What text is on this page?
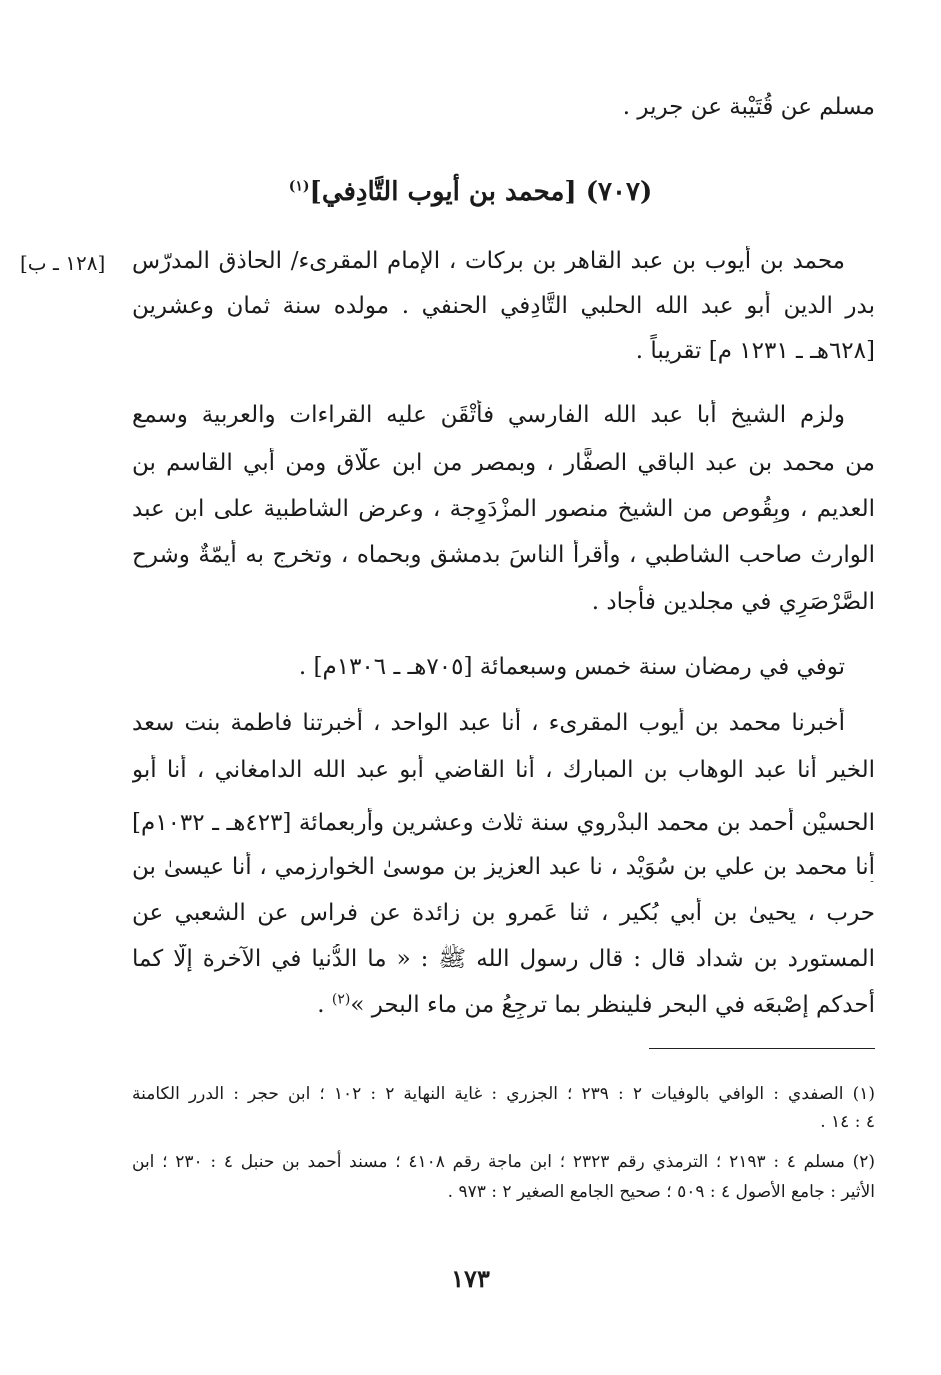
مسلم عن قُتَيْبة عن جرير .
(٧٠٧) [محمد بن أيوب التَّادِفي]$^{(١)}$
[١٢٨ ـ ب] محمد بن أيوب بن عبد القاهر بن بركات ، الإمام المقرىء/ الحاذق المدرّس
بدر الدين أبو عبد الله الحلبي التَّادِفي الحنفي . مولده سنة ثمان وعشرين
[٦٢٨هـ ـ ١٢٣١ م] تقريباً .
ولزم الشيخ أبا عبد الله الفارسي فأتْقَن عليه القراءات والعربية وسمع
من محمد بن عبد الباقي الصفَّار ، وبمصر من ابن علَّاق ومن أبي القاسم بن
العديم ، وبِقُوص من الشيخ منصور المزْدَوِجة ، وعرض الشاطبية على ابن عبد
الوارث صاحب الشاطبي ، وأقرأ الناسَ بدمشق وبحماه ، وتخرج به أيمّةٌ وشرح
الصَّرْصَرِي في مجلدين فأجاد .
توفي في رمضان سنة خمس وسبعمائة [٧٠٥هـ ـ ١٣٠٦م] .
أخبرنا محمد بن أيوب المقرىء ، أنا عبد الواحد ، أخبرتنا فاطمة بنت سعد
الخير أنا عبد الوهاب بن المبارك ، أنا القاضي أبو عبد الله الدامغاني ، أنا أبو
الحسيْن أحمد بن محمد البدْروي سنة ثلاث وعشرين وأربعمائة [٤٢٣هـ ـ ١٠٣٢م]
أنا محمد بن علي بن سُوَيْد ، نا عبد العزيز بن موسىٰ الخوارزمي ، أنا عيسىٰ بن
حرب ، يحيىٰ بن أبي بُكير ، ثنا عَمرو بن زائدة عن فراس عن الشعبي عن
المستورد بن شداد قال : قال رسول الله ﷺ : « ما الدُّنيا في الآخرة إلَّا كما
أحدكم إصْبعَه في البحر فلينظر بما ترجِعُ من ماء البحر »$^{(٢)}$ .
(١) الصفدي : الوافي بالوفيات ٢ : ٢٣٩ ؛ الجزري : غاية النهاية ٢ : ١٠٢ ؛ ابن حجر : الدرر الكامنة
٤ : ١٤ .
(٢) مسلم ٤ : ٢١٩٣ ؛ الترمذي رقم ٢٣٢٣ ؛ ابن ماجة رقم ٤١٠٨ ؛ مسند أحمد بن حنبل ٤ : ٢٣٠ ؛ ابن
الأثير : جامع الأصول ٤ : ٥٠٩ ؛ صحيح الجامع الصغير ٢ : ٩٧٣ .
١٧٣
